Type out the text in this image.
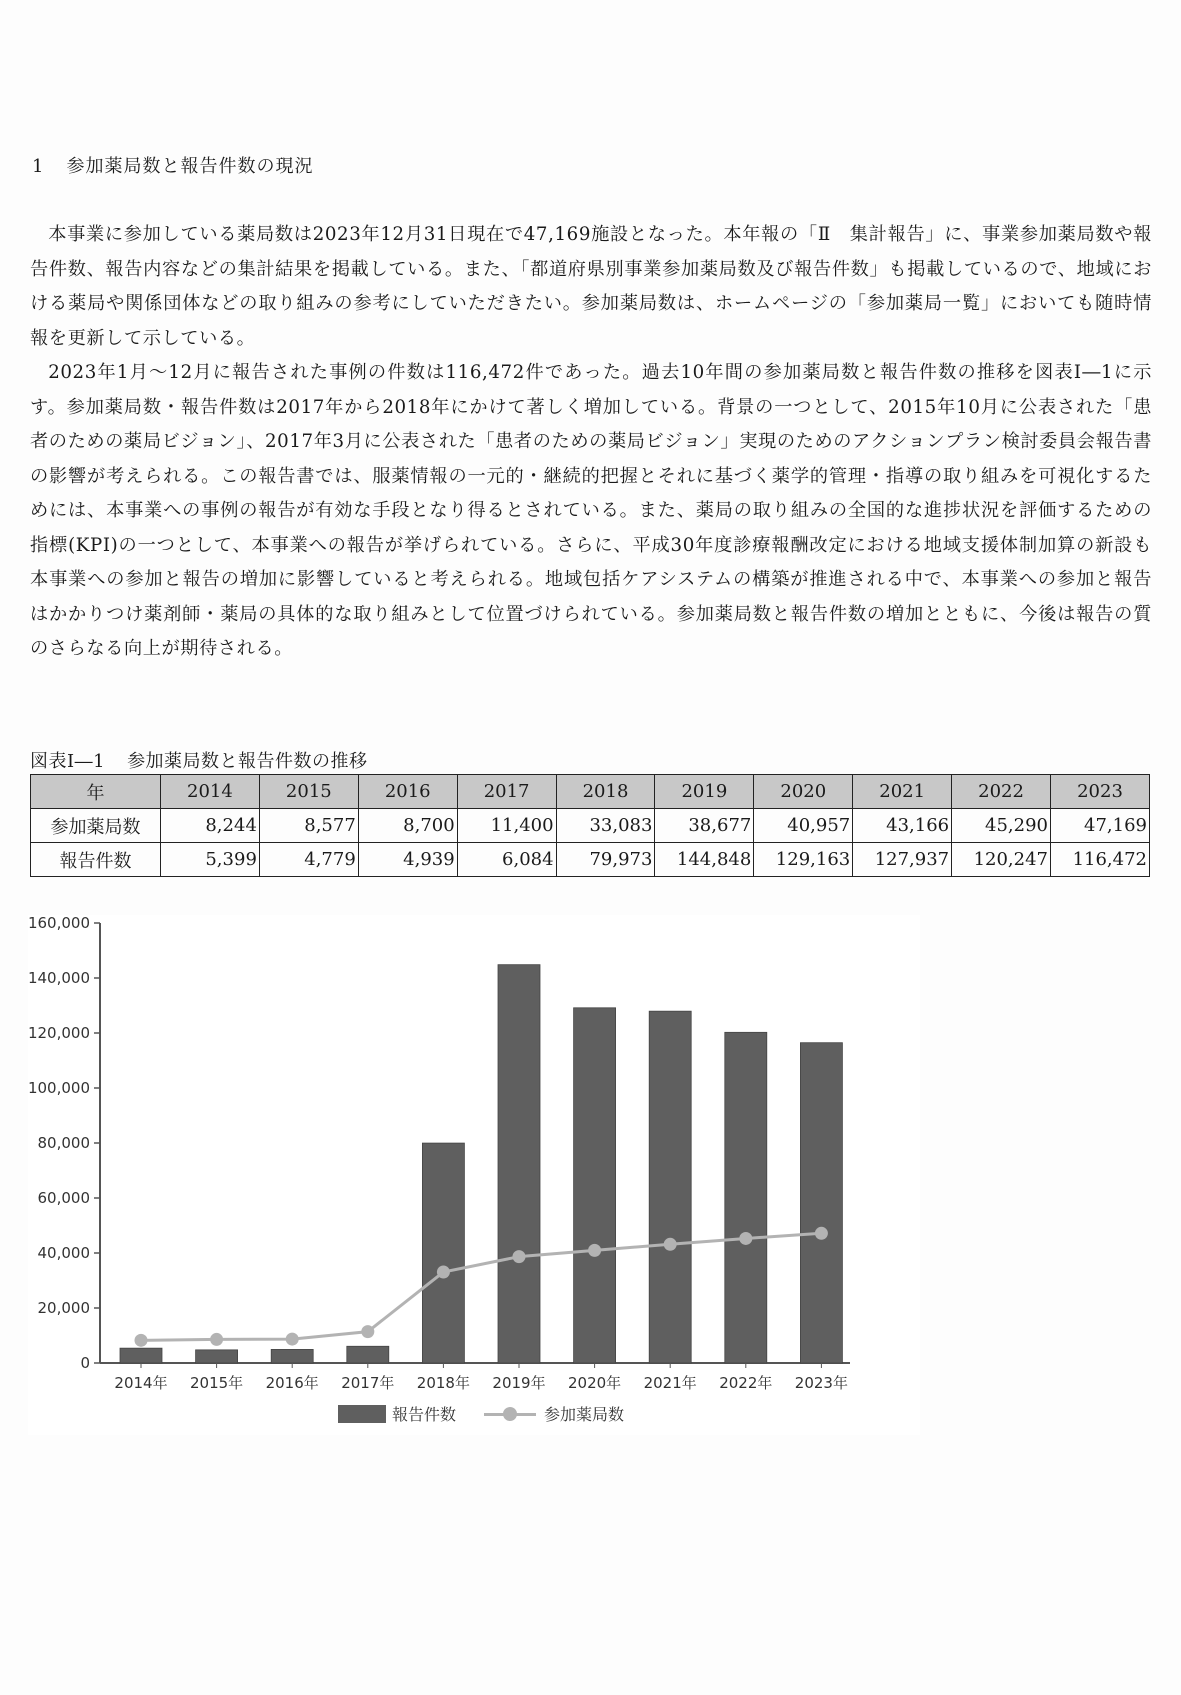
1 参加薬局数と報告件数の現況

本事業に参加している薬局数は2023年12月31日現在で47,169施設となった。本年報の「Ⅱ　集計報告」に、事業参加薬局数や報告件数、報告内容などの集計結果を掲載している。また、「都道府県別事業参加薬局数及び報告件数」も掲載しているので、地域における薬局や関係団体などの取り組みの参考にしていただきたい。参加薬局数は、ホームページの「参加薬局一覧」においても随時情報を更新して示している。

2023年1月～12月に報告された事例の件数は116,472件であった。過去10年間の参加薬局数と報告件数の推移を図表Ⅰ―1に示す。参加薬局数・報告件数は2017年から2018年にかけて著しく増加している。背景の一つとして、2015年10月に公表された「患者のための薬局ビジョン」、2017年3月に公表された「患者のための薬局ビジョン」実現のためのアクションプラン検討委員会報告書の影響が考えられる。この報告書では、服薬情報の一元的・継続的把握とそれに基づく薬学的管理・指導の取り組みを可視化するためには、本事業への事例の報告が有効な手段となり得るとされている。また、薬局の取り組みの全国的な進捗状況を評価するための指標(KPI)の一つとして、本事業への報告が挙げられている。さらに、平成30年度診療報酬改定における地域支援体制加算の新設も本事業への参加と報告の増加に影響していると考えられる。地域包括ケアシステムの構築が推進される中で、本事業への参加と報告はかかりつけ薬剤師・薬局の具体的な取り組みとして位置づけられている。参加薬局数と報告件数の増加とともに、今後は報告の質のさらなる向上が期待される。

図表Ⅰ―1 参加薬局数と報告件数の推移
年	2014	2015	2016	2017	2018	2019	2020	2021	2022	2023
参加薬局数	8,244	8,577	8,700	11,400	33,083	38,677	40,957	43,166	45,290	47,169
報告件数	5,399	4,779	4,939	6,084	79,973	144,848	129,163	127,937	120,247	116,472
0
20,000
40,000
60,000
80,000
100,000
120,000
140,000
160,000
2014年 2015年 2016年 2017年 2018年 2019年 2020年 2021年 2022年 2023年
報告件数	参加薬局数
